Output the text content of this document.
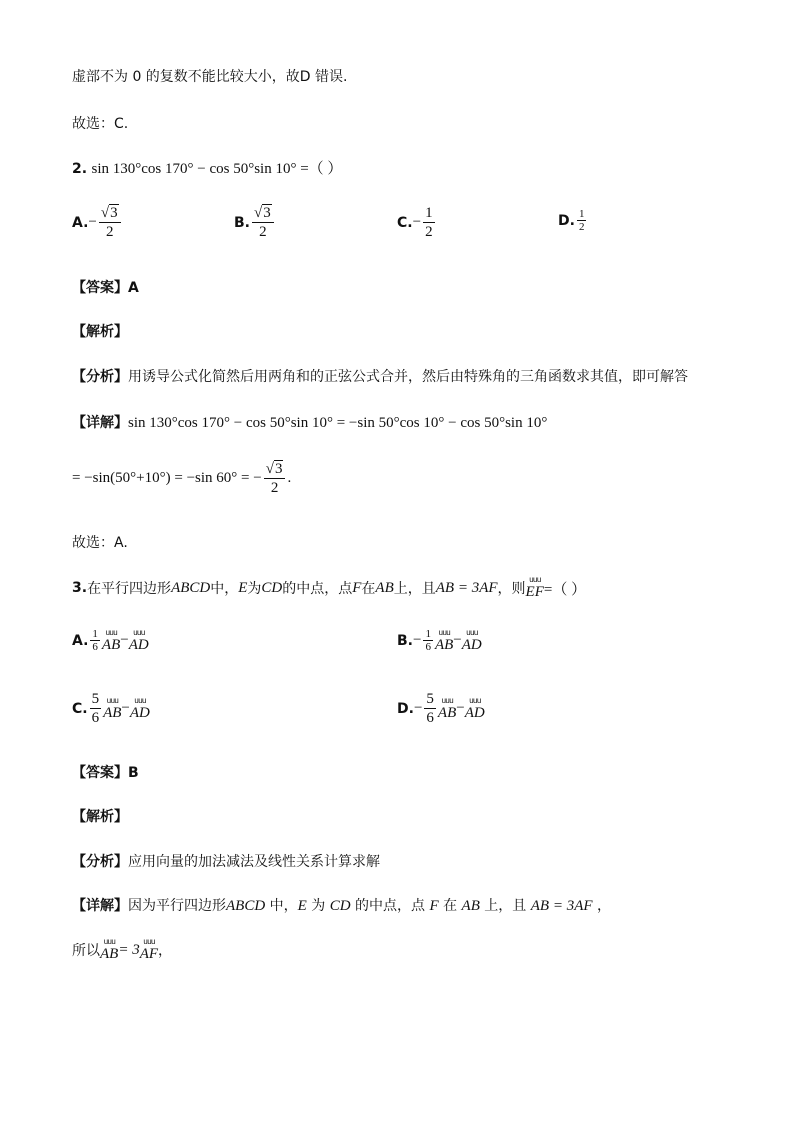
虚部不为 0 的复数不能比较大小，故D 错误.
故选：C.
2. sin 130°cos 170° − cos 50°sin 10° =（ ）
A. − $\frac{√ 3}{2}$	B. $\frac{√ 3}{2}$	C. − $\frac{1}{2}$	D. $\frac{1}{2}$
【答案】A
【解析】
【分析】用诱导公式化简然后用两角和的正弦公式合并，然后由特殊角的三角函数求其值，即可解答
【详解】sin 130°cos 170° − cos 50°sin 10° = −sin 50°cos 10° − cos 50°sin 10°
= −sin(50°+10°) = −sin 60° = − $\frac{√ 3}{2}$ .
故选：A.
3. 在平行四边形 ABCD 中， E 为 CD 的中点，点 F 在 AB 上，且 AB = 3AF ，则
uuu
EF =（ ）
A. $\frac{1}{6}$ uuu
AB − uuu
AD	B. − $\frac{1}{6}$ uuu
AB − uuu
AD
C. $\frac{5}{6}$ uuu
AB − uuu
AD	D. − $\frac{5}{6}$ uuu
AB − uuu
AD
【答案】B
【解析】
【分析】应用向量的加法减法及线性关系计算求解
【详解】因为平行四边形ABCD 中，E 为 CD 的中点，点 F 在 AB 上，且 AB = 3AF ，
所以
uuu
AB = 3 uuu
AF ，
